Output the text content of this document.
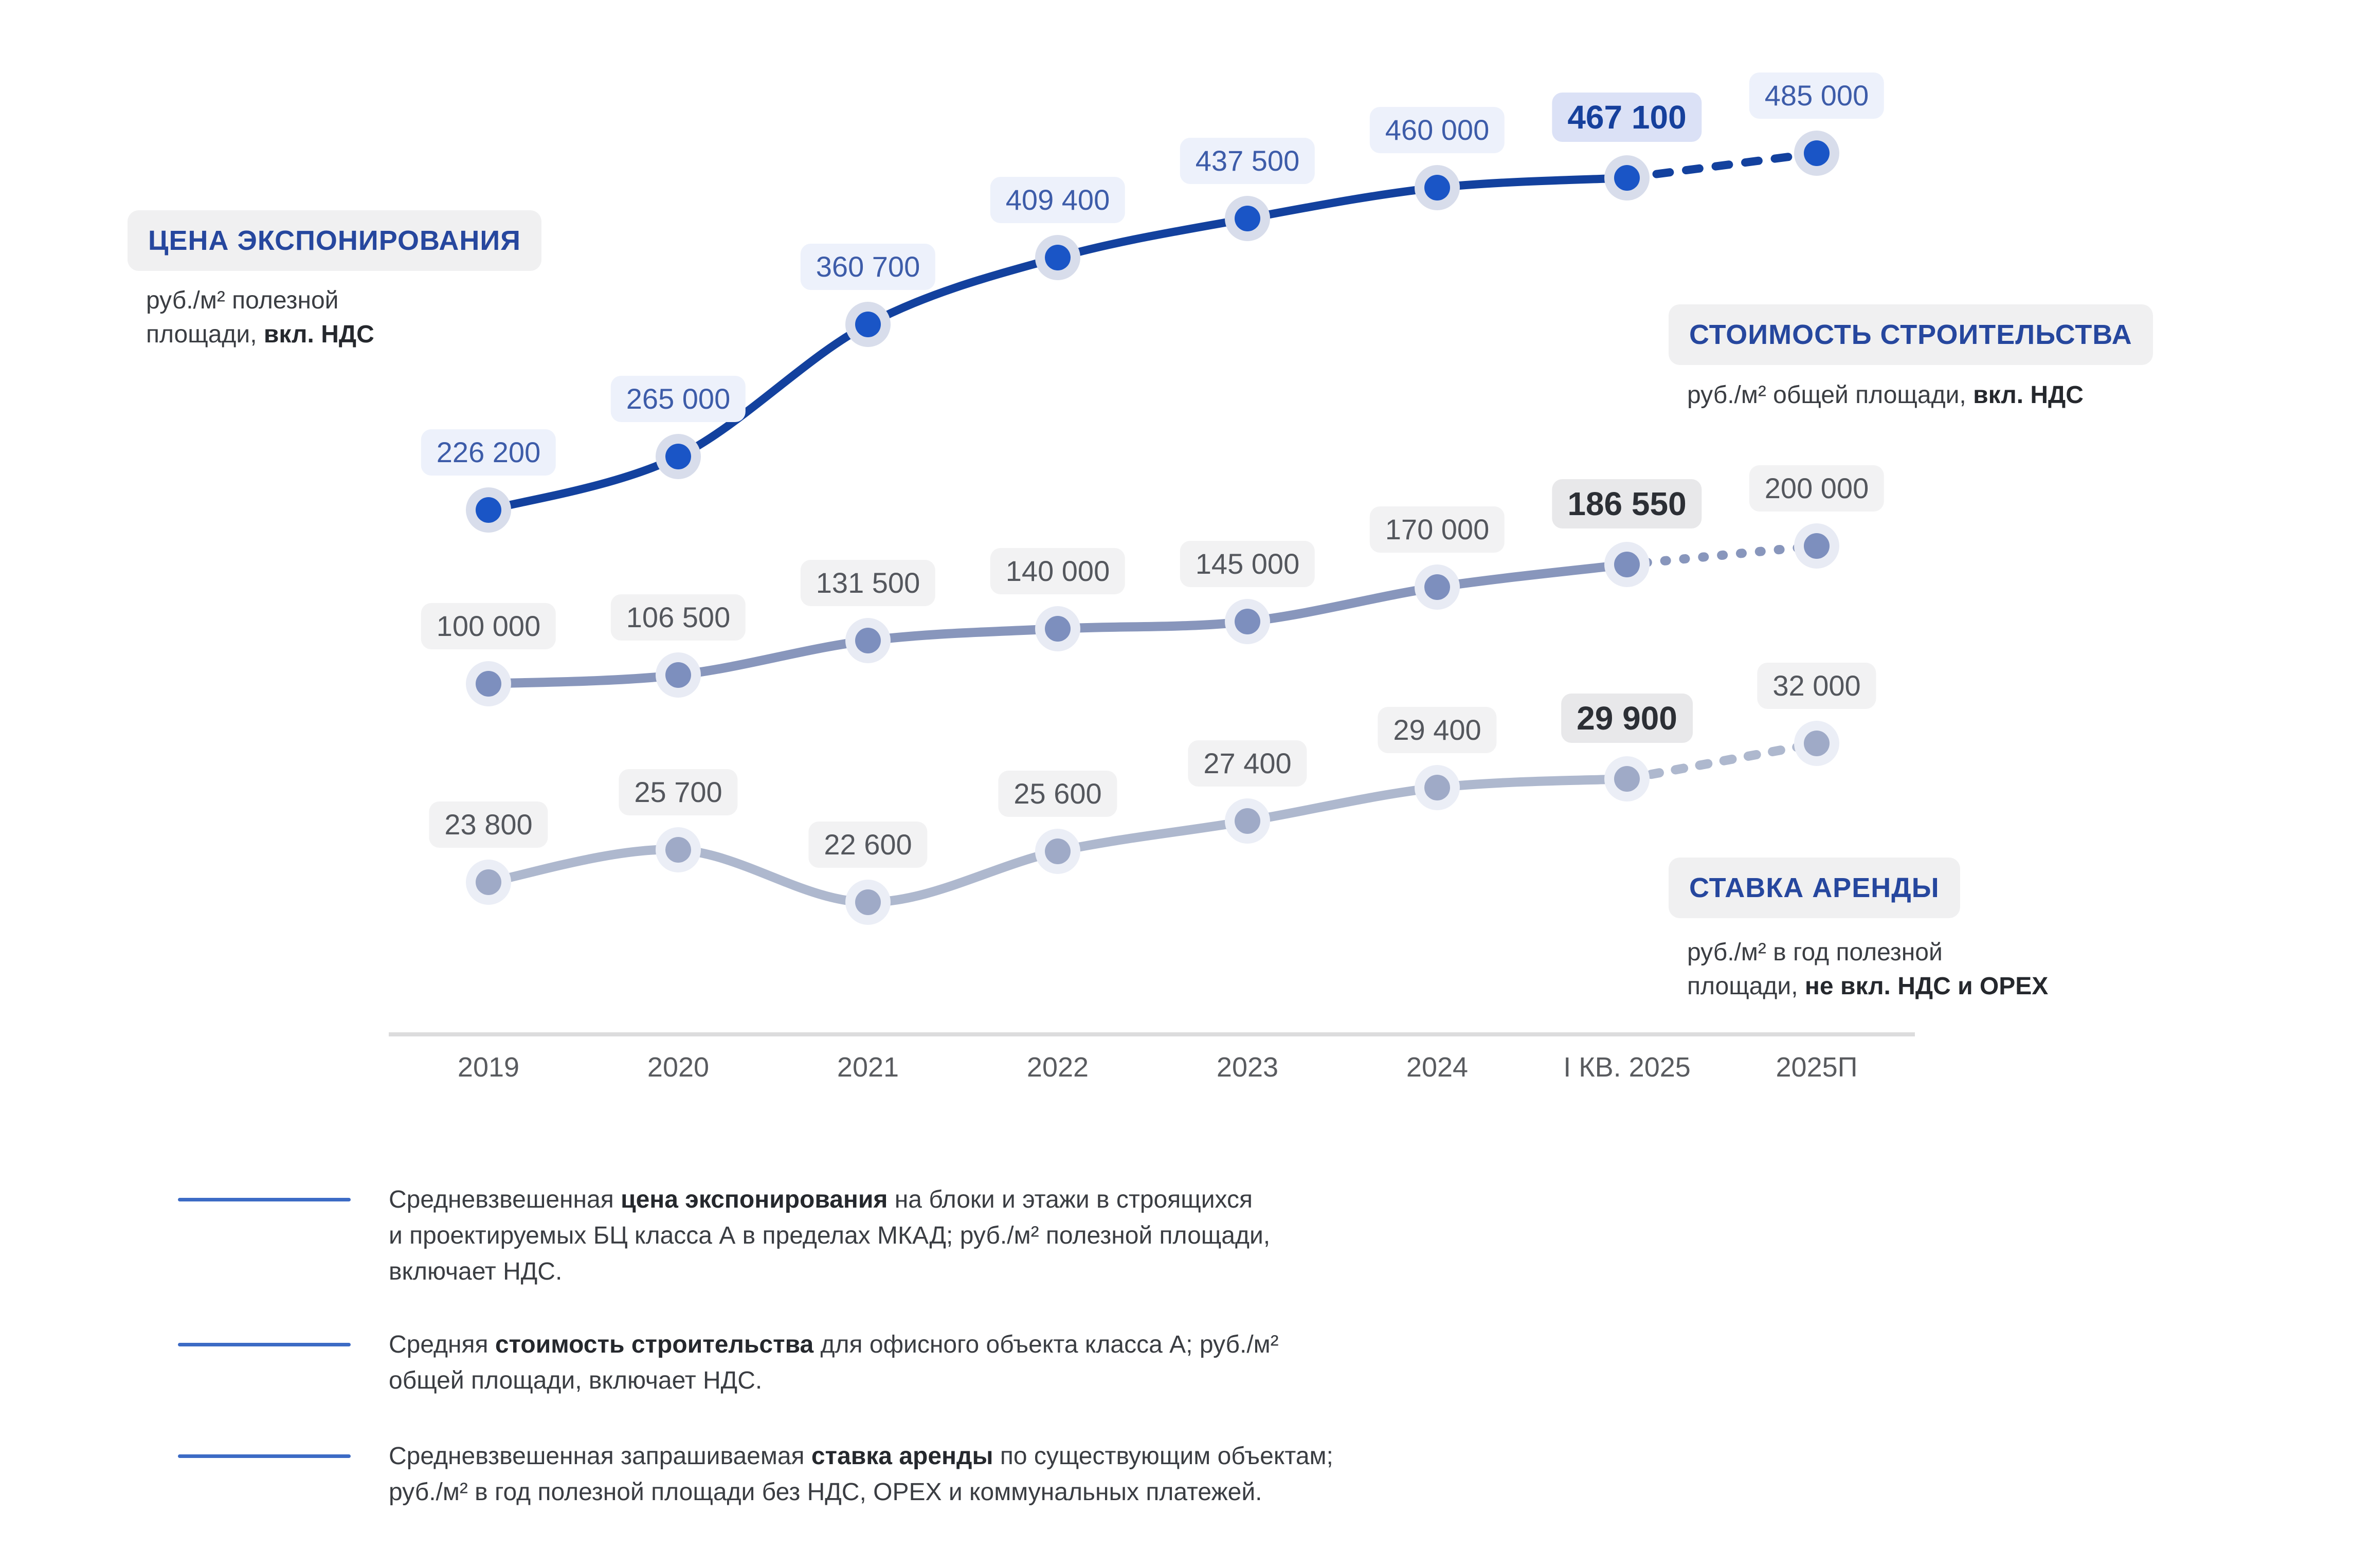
226 200
265 000
360 700
409 400
437 500
460 000	467 100
485 000
100 000	106 500
131 500	140 000	145 000
170 000
186 550	200 000
23 800
25 700
22 600
25 600
27 400
29 400	29 900
32 000
2019	2020	2021	2022	2023	2024	I КВ. 2025	2025П
ЦЕНА ЭКСПОНИРОВАНИЯ
руб./м² полезной
площади, вкл. НДС	СТОИМОСТЬ СТРОИТЕЛЬСТВА
руб./м² общей площади, вкл. НДС
СТАВКА АРЕНДЫ
руб./м² в год полезной
площади, не вкл. НДС и OPEX
Средневзвешенная цена экспонирования на блоки и этажи в строящихся
и проектируемых БЦ класса А в пределах МКАД; руб./м² полезной площади,
включает НДС.
Средняя стоимость строительства для офисного объекта класса А; руб./м²
общей площади, включает НДС.
Средневзвешенная запрашиваемая ставка аренды по существующим объектам;
руб./м² в год полезной площади без НДС, OPEX и коммунальных платежей.
